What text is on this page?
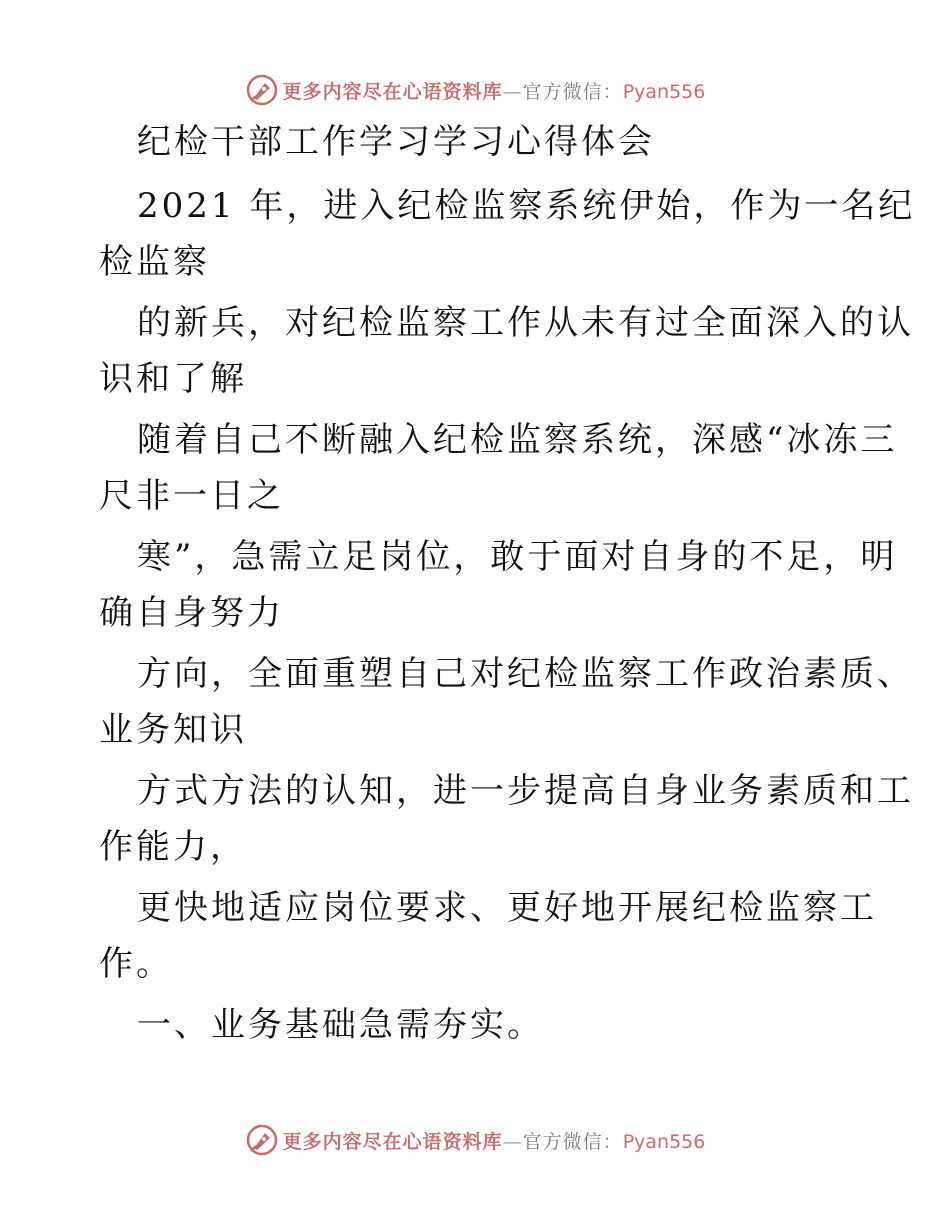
更多内容尽在心语资料库—官方微信：Pyan556
纪检干部工作学习学习心得体会
2021 年，进入纪检监察系统伊始，作为一名纪
检监察
的新兵，对纪检监察工作从未有过全面深入的认
识和了解
随着自己不断融入纪检监察系统，深感“冰冻三
尺非一日之
寒”，急需立足岗位，敢于面对自身的不足，明
确自身努力
方向，全面重塑自己对纪检监察工作政治素质、
业务知识
方式方法的认知，进一步提高自身业务素质和工
作能力，
更快地适应岗位要求、更好地开展纪检监察工
作。
一、业务基础急需夯实。
更多内容尽在心语资料库—官方微信：Pyan556
